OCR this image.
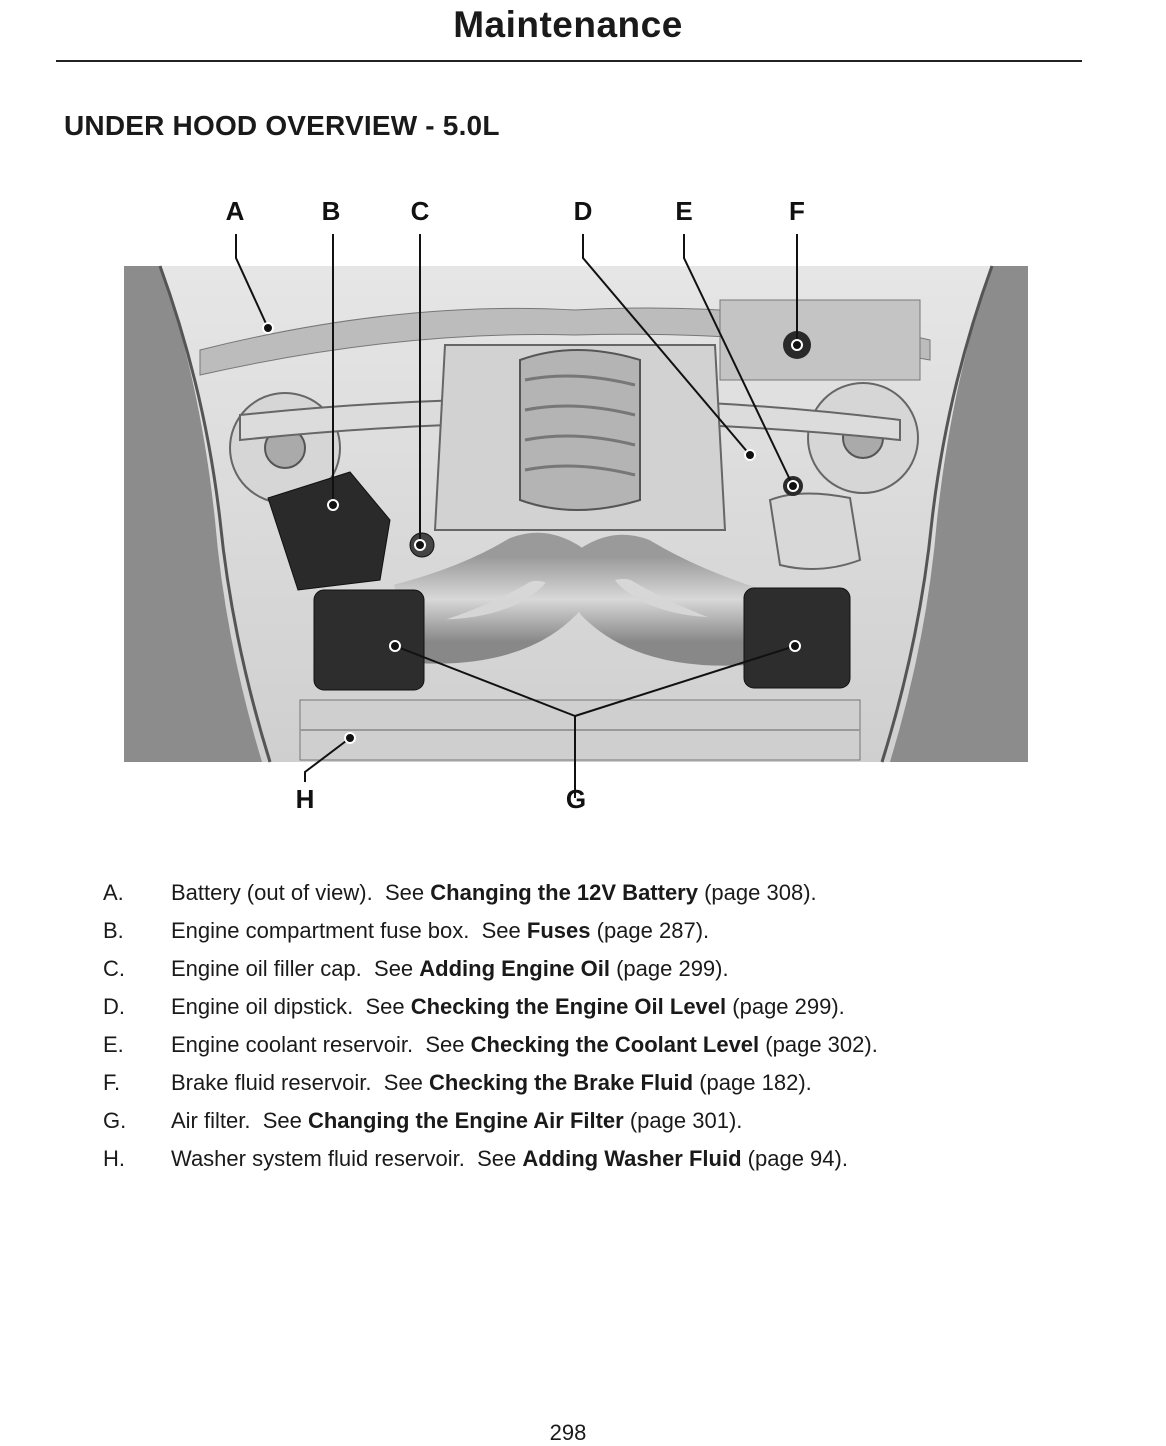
Maintenance
UNDER HOOD OVERVIEW - 5.0L
A	B	C	D	E	F
G
H
A. Battery (out of view). See Changing the 12V Battery (page 308).
B. Engine compartment fuse box. See Fuses (page 287).
C. Engine oil filler cap. See Adding Engine Oil (page 299).
D. Engine oil dipstick. See Checking the Engine Oil Level (page 299).
E. Engine coolant reservoir. See Checking the Coolant Level (page 302).
F. Brake fluid reservoir. See Checking the Brake Fluid (page 182).
G. Air filter. See Changing the Engine Air Filter (page 301).
H. Washer system fluid reservoir. See Adding Washer Fluid (page 94).
298
